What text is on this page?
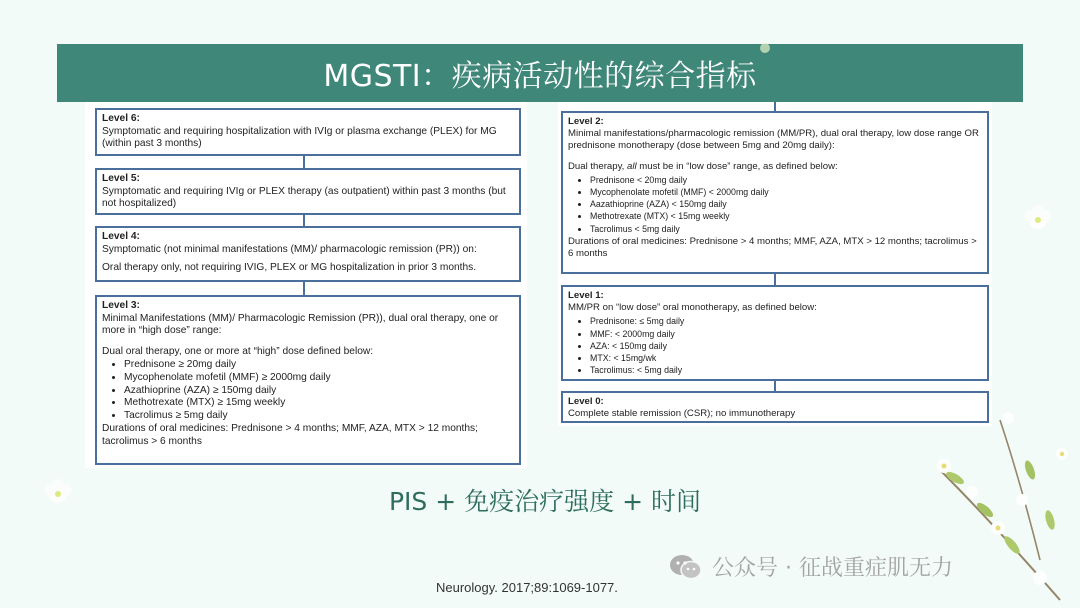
MGSTI：疾病活动性的综合指标
Level 6:
Symptomatic and requiring hospitalization with IVIg or plasma exchange (PLEX) for MG (within past 3 months)
Level 5:
Symptomatic and requiring IVIg or PLEX therapy (as outpatient) within past 3 months (but not hospitalized)
Level 4:
Symptomatic (not minimal manifestations (MM)/ pharmacologic remission (PR)) on:
Oral therapy only, not requiring IVIG, PLEX or MG hospitalization in prior 3 months.
Level 3:
Minimal Manifestations (MM)/ Pharmacologic Remission (PR)), dual oral therapy, one or more in “high dose” range:
Dual oral therapy, one or more at “high” dose defined below:
• Prednisone ≥ 20mg daily
• Mycophenolate mofetil (MMF) ≥ 2000mg daily
• Azathioprine (AZA) ≥ 150mg daily
• Methotrexate (MTX) ≥ 15mg weekly
• Tacrolimus ≥ 5mg daily
Durations of oral medicines: Prednisone > 4 months; MMF, AZA, MTX > 12 months; tacrolimus > 6 months
Level 2:
Minimal manifestations/pharmacologic remission (MM/PR), dual oral therapy, low dose range OR prednisone monotherapy (dose between 5mg and 20mg daily):
Dual therapy, all must be in “low dose” range, as defined below:
• Prednisone < 20mg daily
• Mycophenolate mofetil (MMF) < 2000mg daily
• Aazathioprine (AZA) < 150mg daily
• Methotrexate (MTX) < 15mg weekly
• Tacrolimus < 5mg daily
Durations of oral medicines: Prednisone > 4 months; MMF, AZA, MTX > 12 months; tacrolimus > 6 months
Level 1:
MM/PR on “low dose” oral monotherapy, as defined below:
• Prednisone: ≤ 5mg daily
• MMF: < 2000mg daily
• AZA: < 150mg daily
• MTX: < 15mg/wk
• Tacrolimus: < 5mg daily
Level 0:
Complete stable remission (CSR); no immunotherapy
PIS + 免疫治疗强度 + 时间
Neurology. 2017;89:1069-1077.
公众号 · 征战重症肌无力
